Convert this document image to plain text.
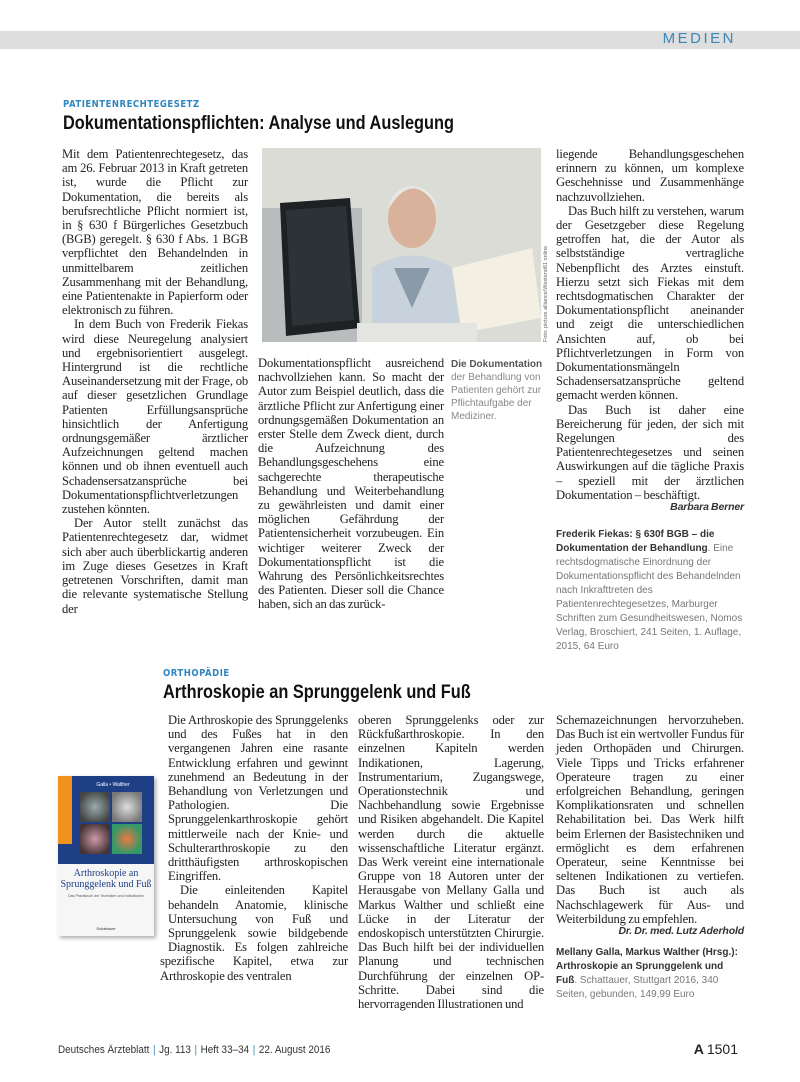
MEDIEN
PATIENTENRECHTEGESETZ
Dokumentationspflichten: Analyse und Auslegung

Mit dem Patientenrechtegesetz, das am 26. Februar 2013 in Kraft getreten ist, wurde die Pflicht zur Dokumentation, die bereits als berufsrechtliche Pflicht normiert ist, in § 630 f Bürgerliches Gesetzbuch (BGB) geregelt. § 630 f Abs. 1 BGB verpflichtet den Behandelnden in unmittelbarem zeitlichen Zusammenhang mit der Behandlung, eine Patientenakte in Papierform oder elektronisch zu führen.

In dem Buch von Frederik Fiekas wird diese Neuregelung analysiert und ergebnisorientiert ausgelegt. Hintergrund ist die rechtliche Auseinandersetzung mit der Frage, ob auf dieser gesetzlichen Grundlage Patienten Erfüllungsansprüche hinsichtlich der Anfertigung ordnungsgemäßer ärztlicher Aufzeichnungen geltend machen können und ob ihnen eventuell auch Schadensersatzansprüche bei Dokumentationspflichtverletzungen zustehen könnten.

Der Autor stellt zunächst das Patientenrechtegesetz dar, widmet sich aber auch überblickartig anderen im Zuge dieses Gesetzes in Kraft getretenen Vorschriften, damit man die relevante systematische Stellung der

Foto: picture alliance/Westend61 online

Dokumentationspflicht ausreichend nachvollziehen kann. So macht der Autor zum Beispiel deutlich, dass die ärztliche Pflicht zur Anfertigung einer ordnungsgemäßen Dokumentation an erster Stelle dem Zweck dient, durch die Aufzeichnung des Behandlungsgeschehens eine sachgerechte therapeutische Behandlung und Weiterbehandlung zu gewährleisten und damit einer möglichen Gefährdung der Patientensicherheit vorzubeugen. Ein wichtiger weiterer Zweck der Dokumentationspflicht ist die Wahrung des Persönlichkeitsrechtes des Patienten. Dieser soll die Chance haben, sich an das zurück-

Die Dokumentation der Behandlung von Patienten gehört zur Pflichtaufgabe der Mediziner.

liegende Behandlungsgeschehen erinnern zu können, um komplexe Geschehnisse und Zusammenhänge nachzuvollziehen.

Das Buch hilft zu verstehen, warum der Gesetzgeber diese Regelung getroffen hat, die der Autor als selbstständige vertragliche Nebenpflicht des Arztes einstuft. Hierzu setzt sich Fiekas mit dem rechtsdogmatischen Charakter der Dokumentationspflicht aneinander und zeigt die unterschiedlichen Ansichten auf, ob bei Pflichtverletzungen in Form von Dokumentationsmängeln Schadensersatzansprüche geltend gemacht werden können.

Das Buch ist daher eine Bereicherung für jeden, der sich mit Regelungen des Patientenrechtegesetzes und seinen Auswirkungen auf die tägliche Praxis – speziell mit der ärztlichen Dokumentation – beschäftigt.

Barbara Berner
Frederik Fiekas: § 630f BGB – die Dokumentation der Behandlung. Eine rechtsdogmatische Einordnung der Dokumentationspflicht des Behandelnden nach Inkrafttreten des Patientenrechtegesetzes, Marburger Schriften zum Gesundheitswesen, Nomos Verlag, Broschiert, 241 Seiten, 1. Auflage, 2015, 64 Euro
ORTHOPÄDIE
Arthroskopie an Sprunggelenk und Fuß
Galla • Walther
Arthroskopie an Sprunggelenk und Fuß
Das Praxisbuch der Techniken und Indikationen
Schattauer

Die Arthroskopie des Sprunggelenks und des Fußes hat in den vergangenen Jahren eine rasante Entwicklung erfahren und gewinnt zunehmend an Bedeutung in der Behandlung von Verletzungen und Pathologien. Die Sprunggelenkarthroskopie gehört mittlerweile nach der Knie- und Schulterarthroskopie zu den dritthäufigsten arthroskopischen Eingriffen.

Die einleitenden Kapitel behandeln Anatomie, klinische Untersuchung von Fuß und Sprunggelenk sowie bildgebende Diagnostik. Es folgen zahlreiche spezifische Kapitel, etwa zur Arthroskopie des ventralen

oberen Sprunggelenks oder zur Rückfußarthroskopie. In den einzelnen Kapiteln werden Indikationen, Lagerung, Instrumentarium, Zugangswege, Operationstechnik und Nachbehandlung sowie Ergebnisse und Risiken abgehandelt. Die Kapitel werden durch die aktuelle wissenschaftliche Literatur ergänzt. Das Werk vereint eine internationale Gruppe von 18 Autoren unter der Herausgabe von Mellany Galla und Markus Walther und schließt eine Lücke in der Literatur der endoskopisch unterstützten Chirurgie. Das Buch hilft bei der individuellen Planung und technischen Durchführung der einzelnen OP-Schritte. Dabei sind die hervorragenden Illustrationen und

Schemazeichnungen hervorzuheben. Das Buch ist ein wertvoller Fundus für jeden Orthopäden und Chirurgen. Viele Tipps und Tricks erfahrener Operateure tragen zu einer erfolgreichen Behandlung, geringen Komplikationsraten und schnellen Rehabilitation bei. Das Werk hilft beim Erlernen der Basistechniken und ermöglicht es dem erfahrenen Operateur, seine Kenntnisse bei seltenen Indikationen zu vertiefen. Das Buch ist auch als Nachschlagewerk für Aus- und Weiterbildung zu empfehlen.

Dr. Dr. med. Lutz Aderhold
Mellany Galla, Markus Walther (Hrsg.): Arthroskopie an Sprunggelenk und Fuß. Schattauer, Stuttgart 2016, 340 Seiten, gebunden, 149,99 Euro
Deutsches Ärzteblatt | Jg. 113 | Heft 33–34 | 22. August 2016	A 1501
